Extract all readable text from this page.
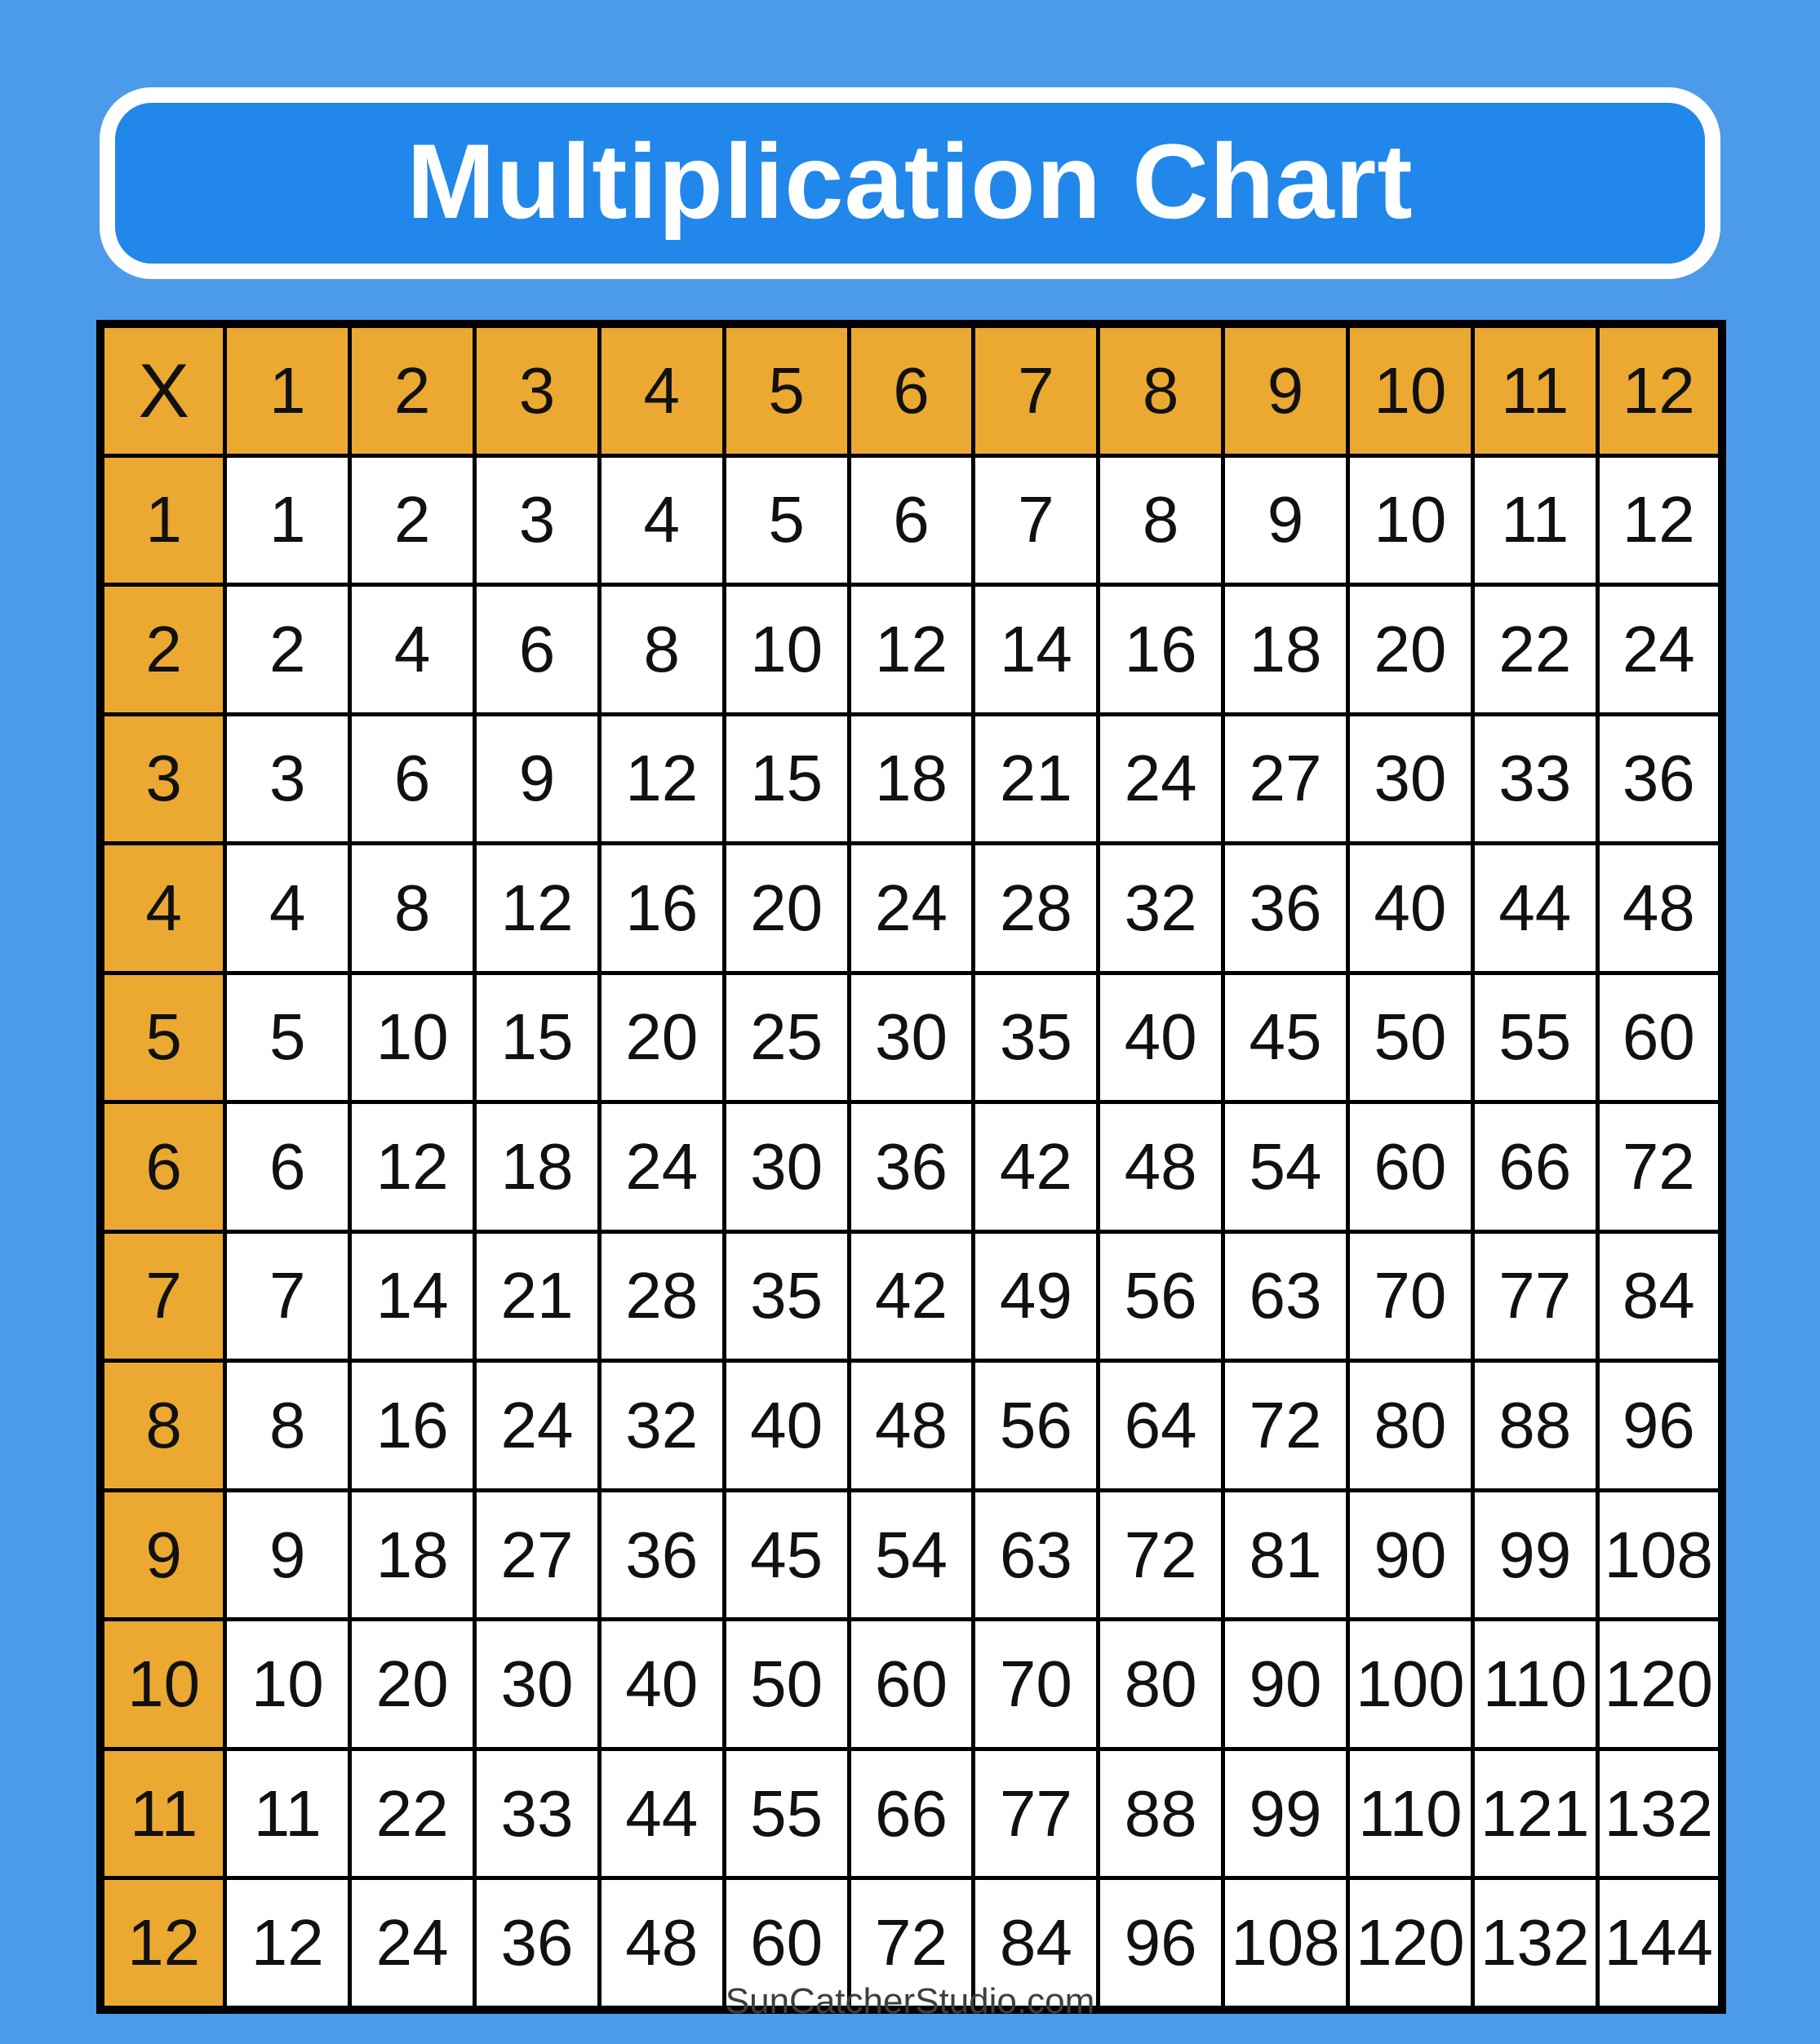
Multiplication Chart
X	1	2	3	4	5	6	7	8	9	10	11	12
1	1	2	3	4	5	6	7	8	9	10	11	12
2	2	4	6	8	10	12	14	16	18	20	22	24
3	3	6	9	12	15	18	21	24	27	30	33	36
4	4	8	12	16	20	24	28	32	36	40	44	48
5	5	10	15	20	25	30	35	40	45	50	55	60
6	6	12	18	24	30	36	42	48	54	60	66	72
7	7	14	21	28	35	42	49	56	63	70	77	84
8	8	16	24	32	40	48	56	64	72	80	88	96
9	9	18	27	36	45	54	63	72	81	90	99	108
10	10	20	30	40	50	60	70	80	90	100	110	120
11	11	22	33	44	55	66	77	88	99	110	121	132
12	12	24	36	48	60	72	84	96	108	120	132	144
SunCatcherStudio.com
